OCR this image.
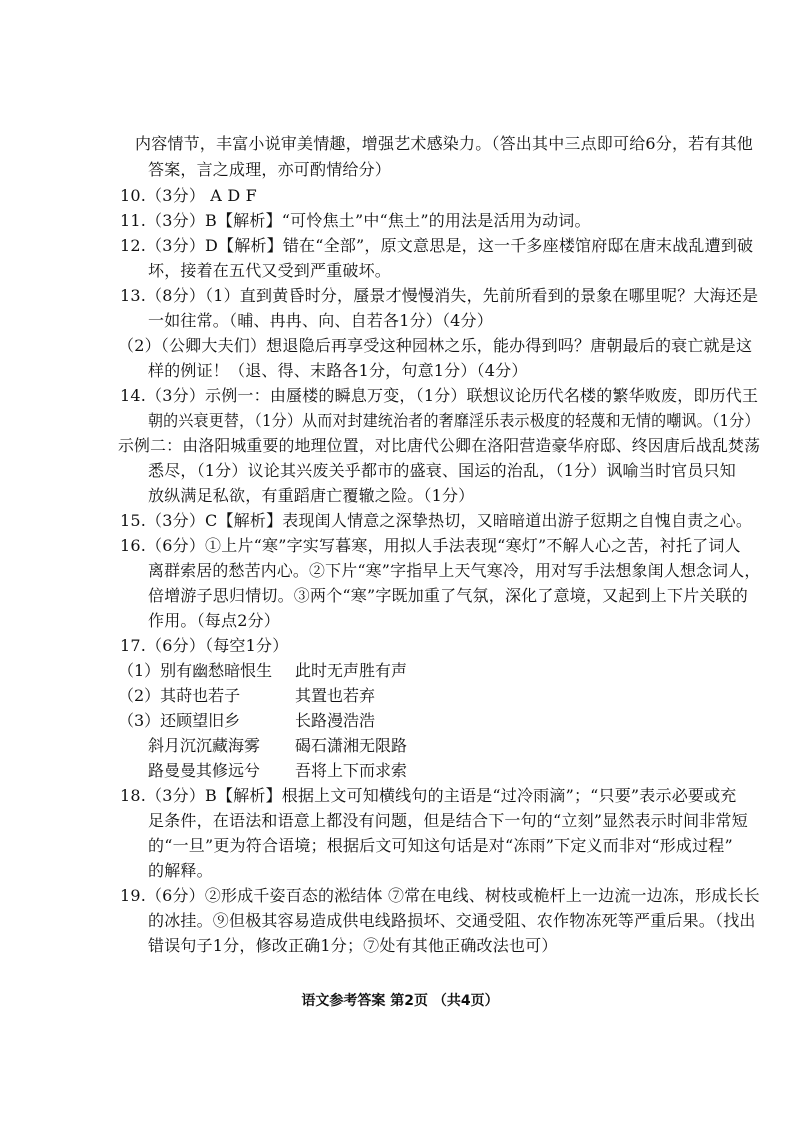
内容情节，丰富小说审美情趣，增强艺术感染力。（答出其中三点即可给6分，若有其他
答案，言之成理，亦可酌情给分）
10.（3分） A D F
11.（3分）B【解析】“可怜焦土”中“焦土”的用法是活用为动词。
12.（3分）D【解析】错在“全部”，原文意思是，这一千多座楼馆府邸在唐末战乱遭到破
坏，接着在五代又受到严重破坏。
13.（8分）（1）直到黄昏时分，蜃景才慢慢消失，先前所看到的景象在哪里呢？大海还是
一如往常。（晡、冉冉、向、自若各1分）（4分）
（2）（公卿大夫们）想退隐后再享受这种园林之乐，能办得到吗？唐朝最后的衰亡就是这
样的例证！（退、得、末路各1分，句意1分）（4分）
14.（3分）示例一：由蜃楼的瞬息万变，（1分）联想议论历代名楼的繁华败废，即历代王
朝的兴衰更替，（1分）从而对封建统治者的奢靡淫乐表示极度的轻蔑和无情的嘲讽。（1分）
示例二：由洛阳城重要的地理位置，对比唐代公卿在洛阳营造豪华府邸、终因唐后战乱焚荡
悉尽，（1分）议论其兴废关乎都市的盛衰、国运的治乱，（1分）讽喻当时官员只知
放纵满足私欲，有重蹈唐亡覆辙之险。（1分）
15.（3分）C【解析】表现闺人情意之深挚热切，又暗暗道出游子愆期之自愧自责之心。
16.（6分）①上片“寒”字实写暮寒，用拟人手法表现“寒灯”不解人心之苦，衬托了词人
离群索居的愁苦内心。②下片“寒”字指早上天气寒冷，用对写手法想象闺人想念词人，
倍增游子思归情切。③两个“寒”字既加重了气氛，深化了意境，又起到上下片关联的
作用。（每点2分）
17.（6分）（每空1分）
（1）别有幽愁暗恨生 此时无声胜有声
（2）其莳也若子	其置也若弃
（3）还顾望旧乡	长路漫浩浩
斜月沉沉藏海雾 碣石潇湘无限路
路曼曼其修远兮 吾将上下而求索
18.（3分）B【解析】根据上文可知横线句的主语是“过冷雨滴”；“只要”表示必要或充
足条件，在语法和语意上都没有问题，但是结合下一句的“立刻”显然表示时间非常短
的“一旦”更为符合语境；根据后文可知这句话是对“冻雨”下定义而非对“形成过程”
的解释。
19.（6分）②形成千姿百态的淞结体 ⑦常在电线、树枝或桅杆上一边流一边冻，形成长长
的冰挂。⑨但极其容易造成供电线路损坏、交通受阻、农作物冻死等严重后果。（找出
错误句子1分，修改正确1分；⑦处有其他正确改法也可）
语文参考答案 第2页 （共4页）
